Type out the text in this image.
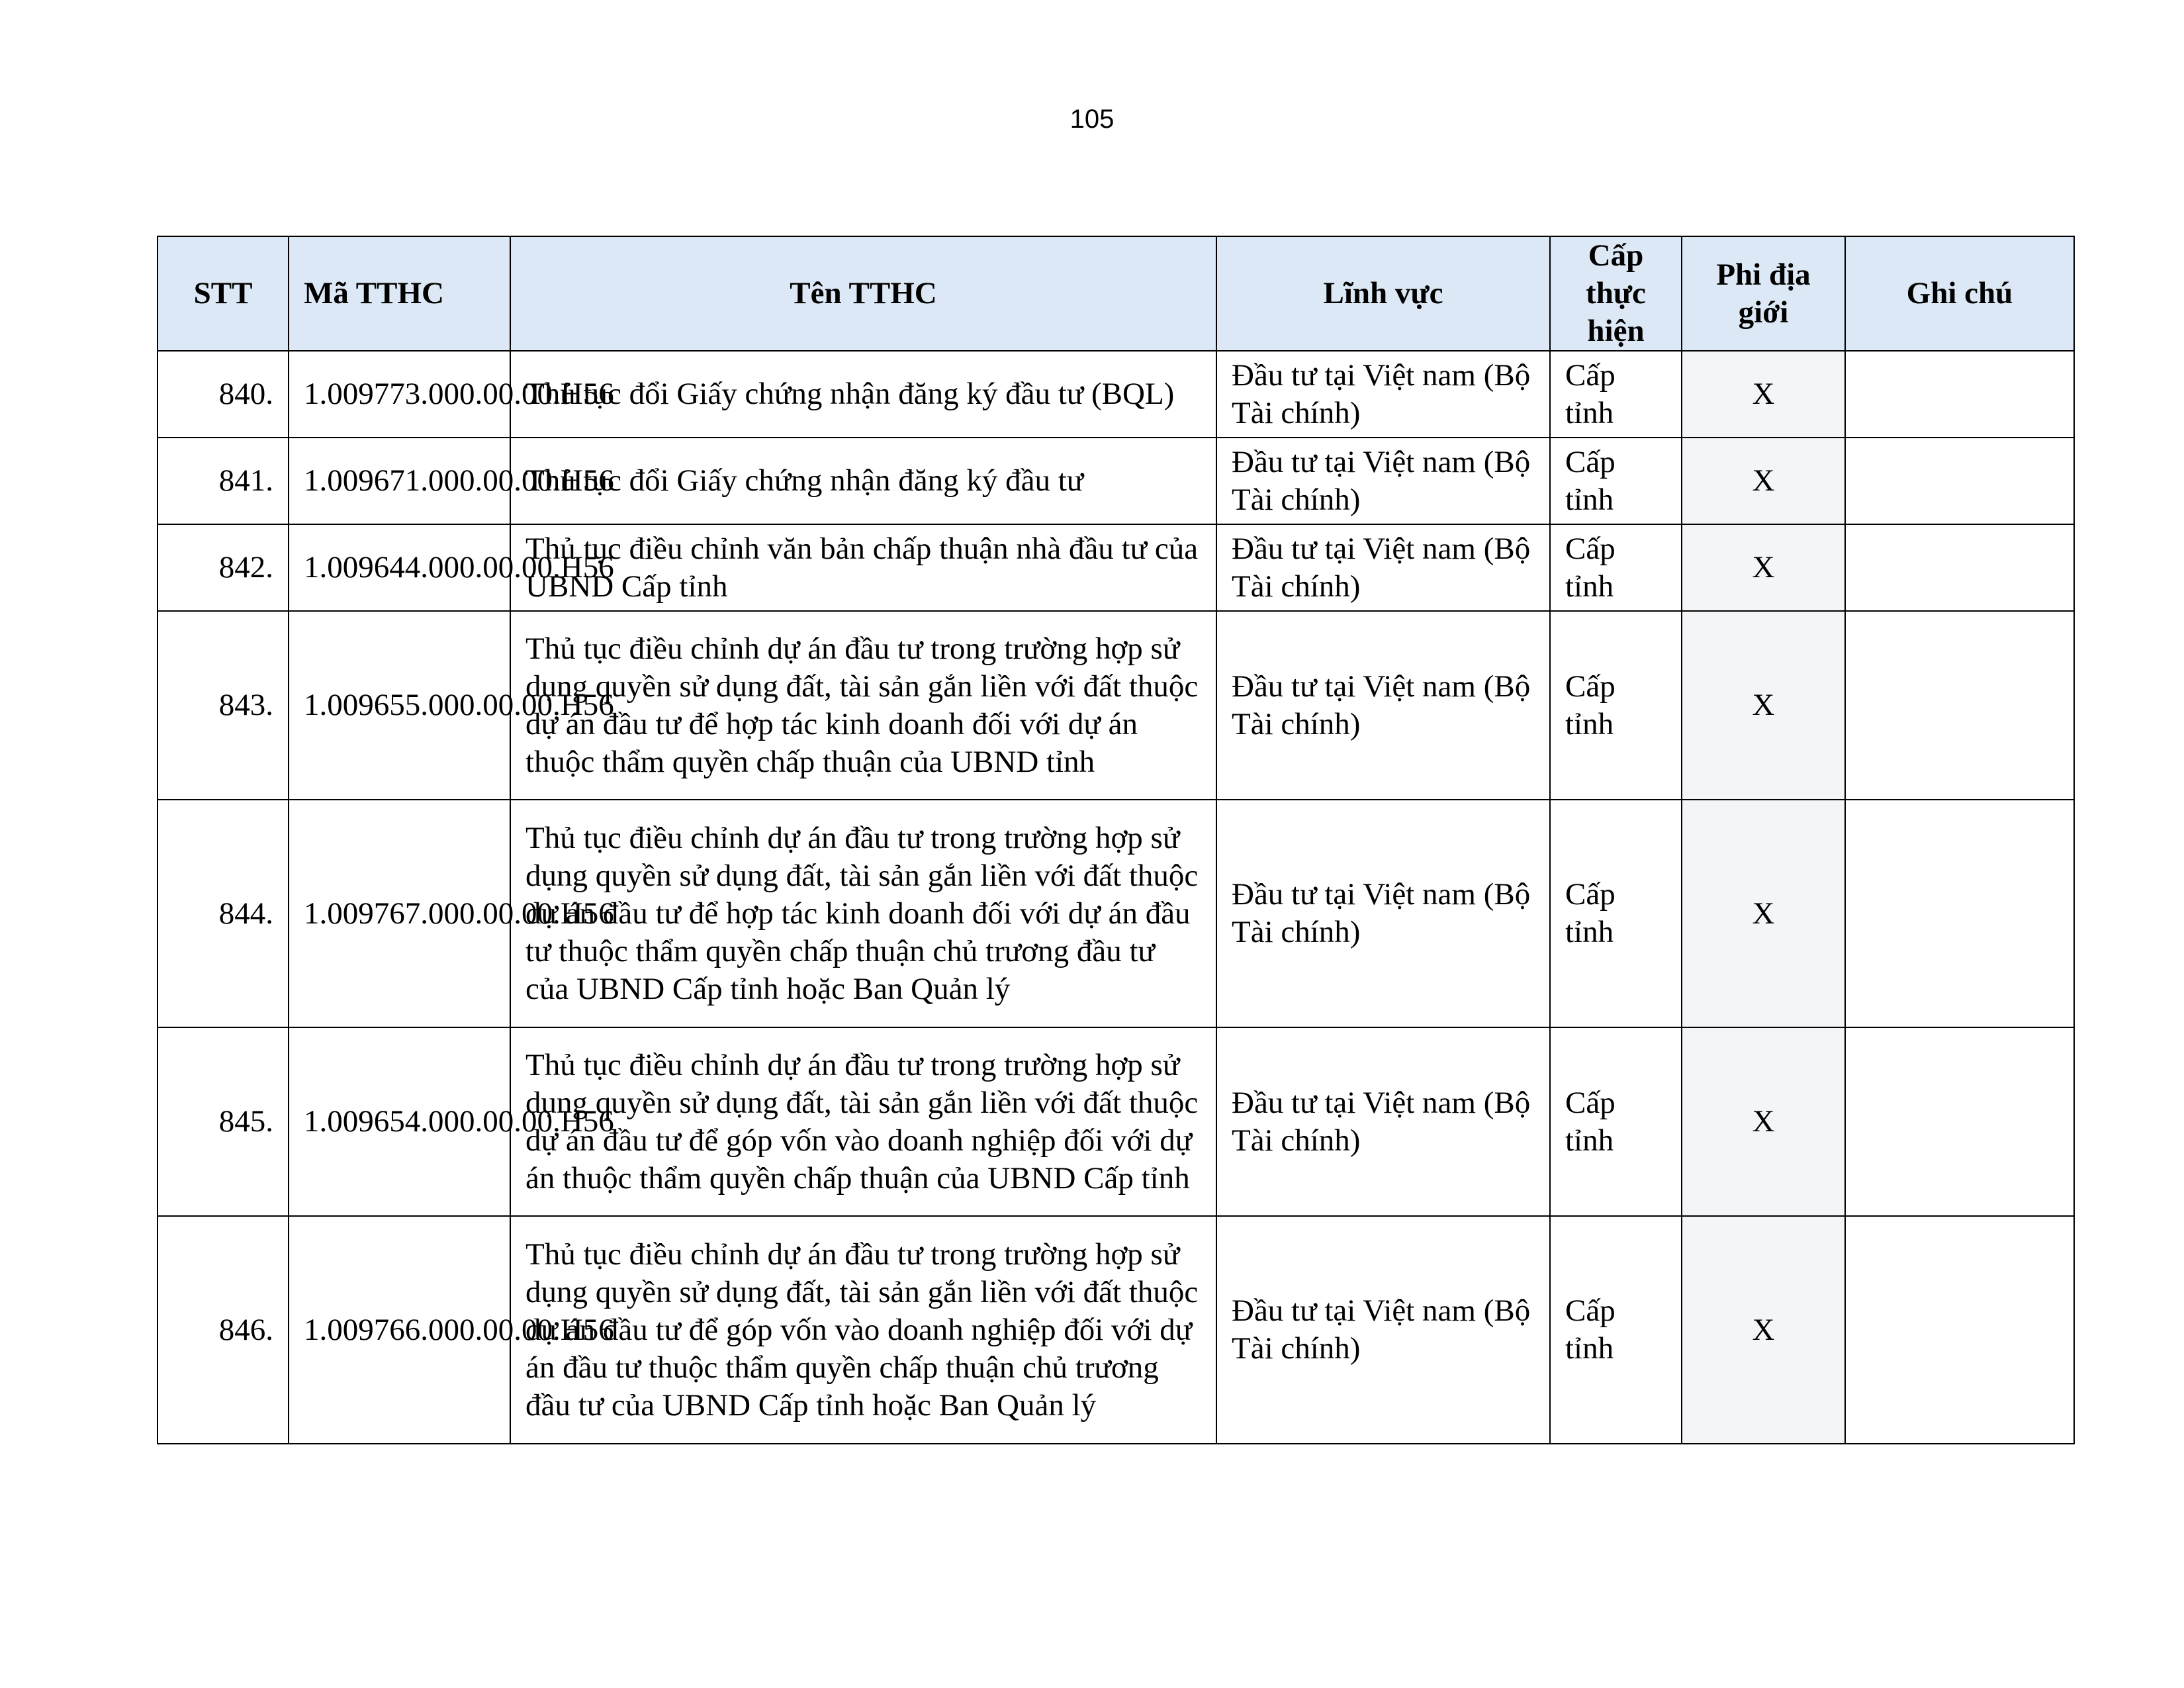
105
STT	Mã TTHC	Tên TTHC	Lĩnh vực	Cấp thực hiện	Phi địa giới	Ghi chú
840.	1.009773.000.00.00.H56	Thủ tục đổi Giấy chứng nhận đăng ký đầu tư (BQL)	Đầu tư tại Việt nam (Bộ Tài chính)	Cấp tỉnh	X	
841.	1.009671.000.00.00.H56	Thủ tục đổi Giấy chứng nhận đăng ký đầu tư	Đầu tư tại Việt nam (Bộ Tài chính)	Cấp tỉnh	X	
842.	1.009644.000.00.00.H56	Thủ tục điều chỉnh văn bản chấp thuận nhà đầu tư của UBND Cấp tỉnh	Đầu tư tại Việt nam (Bộ Tài chính)	Cấp tỉnh	X	
843.	1.009655.000.00.00.H56	Thủ tục điều chỉnh dự án đầu tư trong trường hợp sử dụng quyền sử dụng đất, tài sản gắn liền với đất thuộc dự án đầu tư để hợp tác kinh doanh đối với dự án thuộc thẩm quyền chấp thuận của UBND tỉnh	Đầu tư tại Việt nam (Bộ Tài chính)	Cấp tỉnh	X	
844.	1.009767.000.00.00.H56	Thủ tục điều chỉnh dự án đầu tư trong trường hợp sử dụng quyền sử dụng đất, tài sản gắn liền với đất thuộc dự án đầu tư để hợp tác kinh doanh đối với dự án đầu tư thuộc thẩm quyền chấp thuận chủ trương đầu tư của UBND Cấp tỉnh hoặc Ban Quản lý	Đầu tư tại Việt nam (Bộ Tài chính)	Cấp tỉnh	X	
845.	1.009654.000.00.00.H56	Thủ tục điều chỉnh dự án đầu tư trong trường hợp sử dụng quyền sử dụng đất, tài sản gắn liền với đất thuộc dự án đầu tư để góp vốn vào doanh nghiệp đối với dự án thuộc thẩm quyền chấp thuận của UBND Cấp tỉnh	Đầu tư tại Việt nam (Bộ Tài chính)	Cấp tỉnh	X	
846.	1.009766.000.00.00.H56	Thủ tục điều chỉnh dự án đầu tư trong trường hợp sử dụng quyền sử dụng đất, tài sản gắn liền với đất thuộc dự án đầu tư để góp vốn vào doanh nghiệp đối với dự án đầu tư thuộc thẩm quyền chấp thuận chủ trương đầu tư của UBND Cấp tỉnh hoặc Ban Quản lý	Đầu tư tại Việt nam (Bộ Tài chính)	Cấp tỉnh	X	
